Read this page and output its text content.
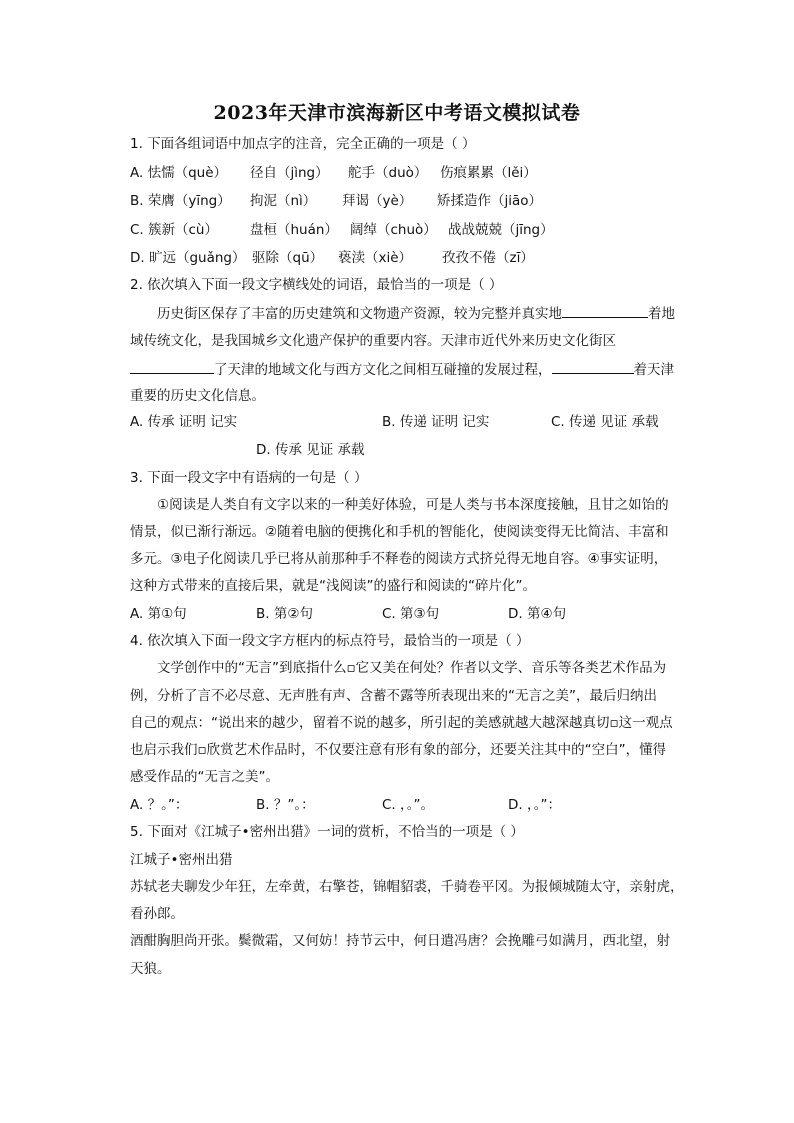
2023年天津市滨海新区中考语文模拟试卷
1. 下面各组词语中加点字的注音，完全正确的一项是（ ）
A. 怯懦（què） 径自（jìng） 舵手（duò） 伤痕累累（lěi）
B. 荣膺（yīng） 拘泥（nì） 拜谒（yè） 矫揉造作（jiāo）
C. 簇新（cù） 盘桓（huán） 阔绰（chuò） 战战兢兢（jīng）
D. 旷远（guǎng） 驱除（qū） 亵渎（xiè） 孜孜不倦（zī）
2. 依次填入下面一段文字横线处的词语，最恰当的一项是（ ）
历史街区保存了丰富的历史建筑和文物遗产资源，较为完整并真实地	着地
域传统文化，是我国城乡文化遗产保护的重要内容。天津市近代外来历史文化街区
了天津的地域文化与西方文化之间相互碰撞的发展过程，	着天津
重要的历史文化信息。
A. 传承 证明 记实	B. 传递 证明 记实	C. 传递 见证 承载
D. 传承 见证 承载
3. 下面一段文字中有语病的一句是（ ）
①阅读是人类自有文字以来的一种美好体验，可是人类与书本深度接触，且甘之如饴的
情景，似已渐行渐远。②随着电脑的便携化和手机的智能化，使阅读变得无比简洁、丰富和
多元。③电子化阅读几乎已将从前那种手不释卷的阅读方式挤兑得无地自容。④事实证明，
这种方式带来的直接后果，就是“浅阅读”的盛行和阅读的“碎片化”。
A. 第①句	B. 第②句	C. 第③句	D. 第④句
4. 依次填入下面一段文字方框内的标点符号，最恰当的一项是（ ）
文学创作中的“无言”到底指什么▫它又美在何处？作者以文学、音乐等各类艺术作品为
例，分析了言不必尽意、无声胜有声、含蓄不露等所表现出来的“无言之美”，最后归纳出
自己的观点：“说出来的越少，留着不说的越多，所引起的美感就越大越深越真切▫这一观点
也启示我们▫欣赏艺术作品时，不仅要注意有形有象的部分，还要关注其中的“空白”，懂得
感受作品的“无言之美”。
A. ？。”：	B. ？”。：	C. ，。”。	D. ，。”：
5. 下面对《江城子•密州出猎》一词的赏析，不恰当的一项是（ ）
江城子•密州出猎
苏轼老夫聊发少年狂，左牵黄，右擎苍，锦帽貂裘，千骑卷平冈。为报倾城随太守，亲射虎，
看孙郎。
酒酣胸胆尚开张。鬓微霜，又何妨！持节云中，何日遣冯唐？会挽雕弓如满月，西北望，射
天狼。
